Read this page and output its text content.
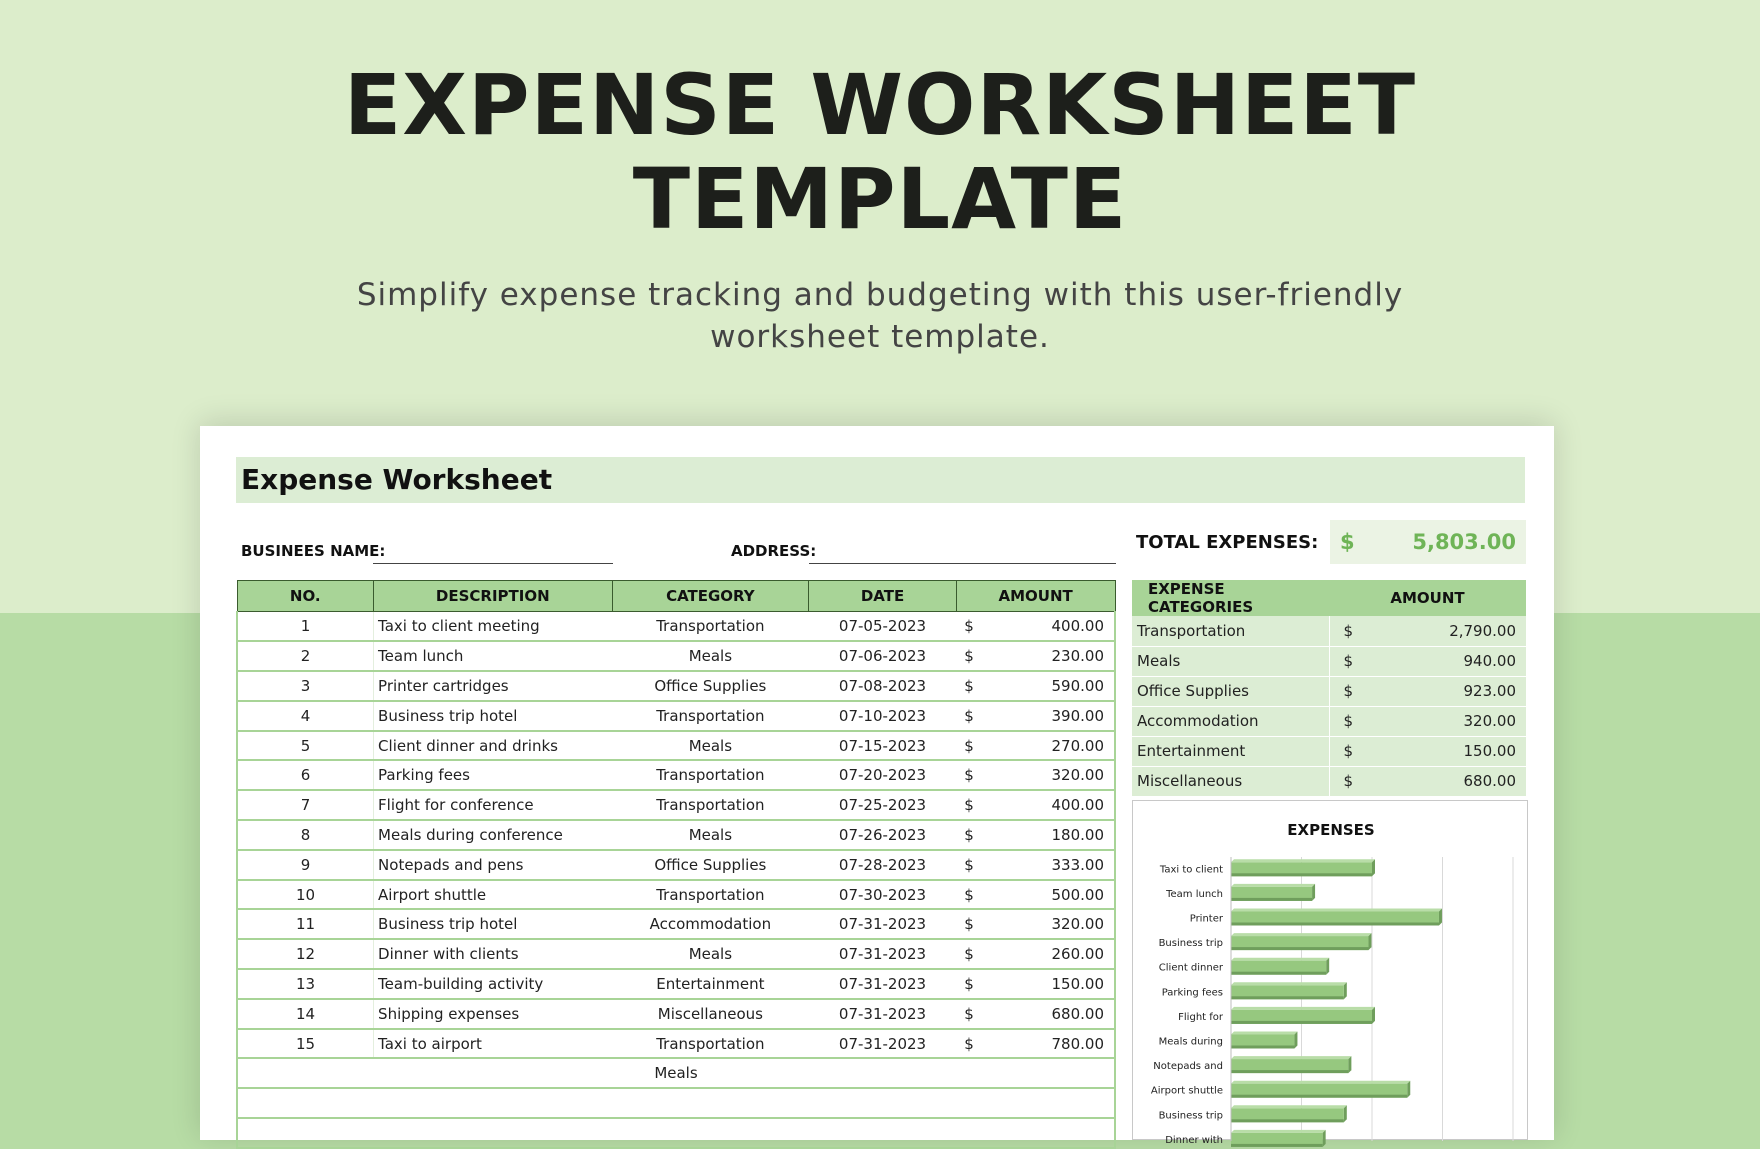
EXPENSE WORKSHEET
TEMPLATE

Simplify expense tracking and budgeting with this user-friendly worksheet template.

Expense Worksheet
BUSINEES NAME:	ADDRESS:	TOTAL EXPENSES: $	5,803.00
NO.	DESCRIPTION	CATEGORY	DATE	AMOUNT	
1	Taxi to client meeting	Transportation	07-05-2023	$	400.00
2	Team lunch	Meals	07-06-2023	$	230.00
3	Printer cartridges	Office Supplies	07-08-2023	$	590.00
4	Business trip hotel	Transportation	07-10-2023	$	390.00
5	Client dinner and drinks	Meals	07-15-2023	$	270.00
6	Parking fees	Transportation	07-20-2023	$	320.00
7	Flight for conference	Transportation	07-25-2023	$	400.00
8	Meals during conference	Meals	07-26-2023	$	180.00
9	Notepads and pens	Office Supplies	07-28-2023	$	333.00
10	Airport shuttle	Transportation	07-30-2023	$	500.00
11	Business trip hotel	Accommodation	07-31-2023	$	320.00
12	Dinner with clients	Meals	07-31-2023	$	260.00
13	Team-building activity	Entertainment	07-31-2023	$	150.00
14	Shipping expenses	Miscellaneous	07-31-2023	$	680.00
15	Taxi to airport	Transportation	07-31-2023	$	780.00
Meals					

EXPENSE CATEGORIES	AMOUNT	
Transportation	$	2,790.00
Meals	$	940.00
Office Supplies	$	923.00
Accommodation	$	320.00
Entertainment	$	150.00
Miscellaneous	$	680.00
EXPENSES
Taxi to client
Team lunch
Printer
Business trip
Client dinner
Parking fees
Flight for
Meals during
Notepads and
Airport shuttle
Business trip
Dinner with
